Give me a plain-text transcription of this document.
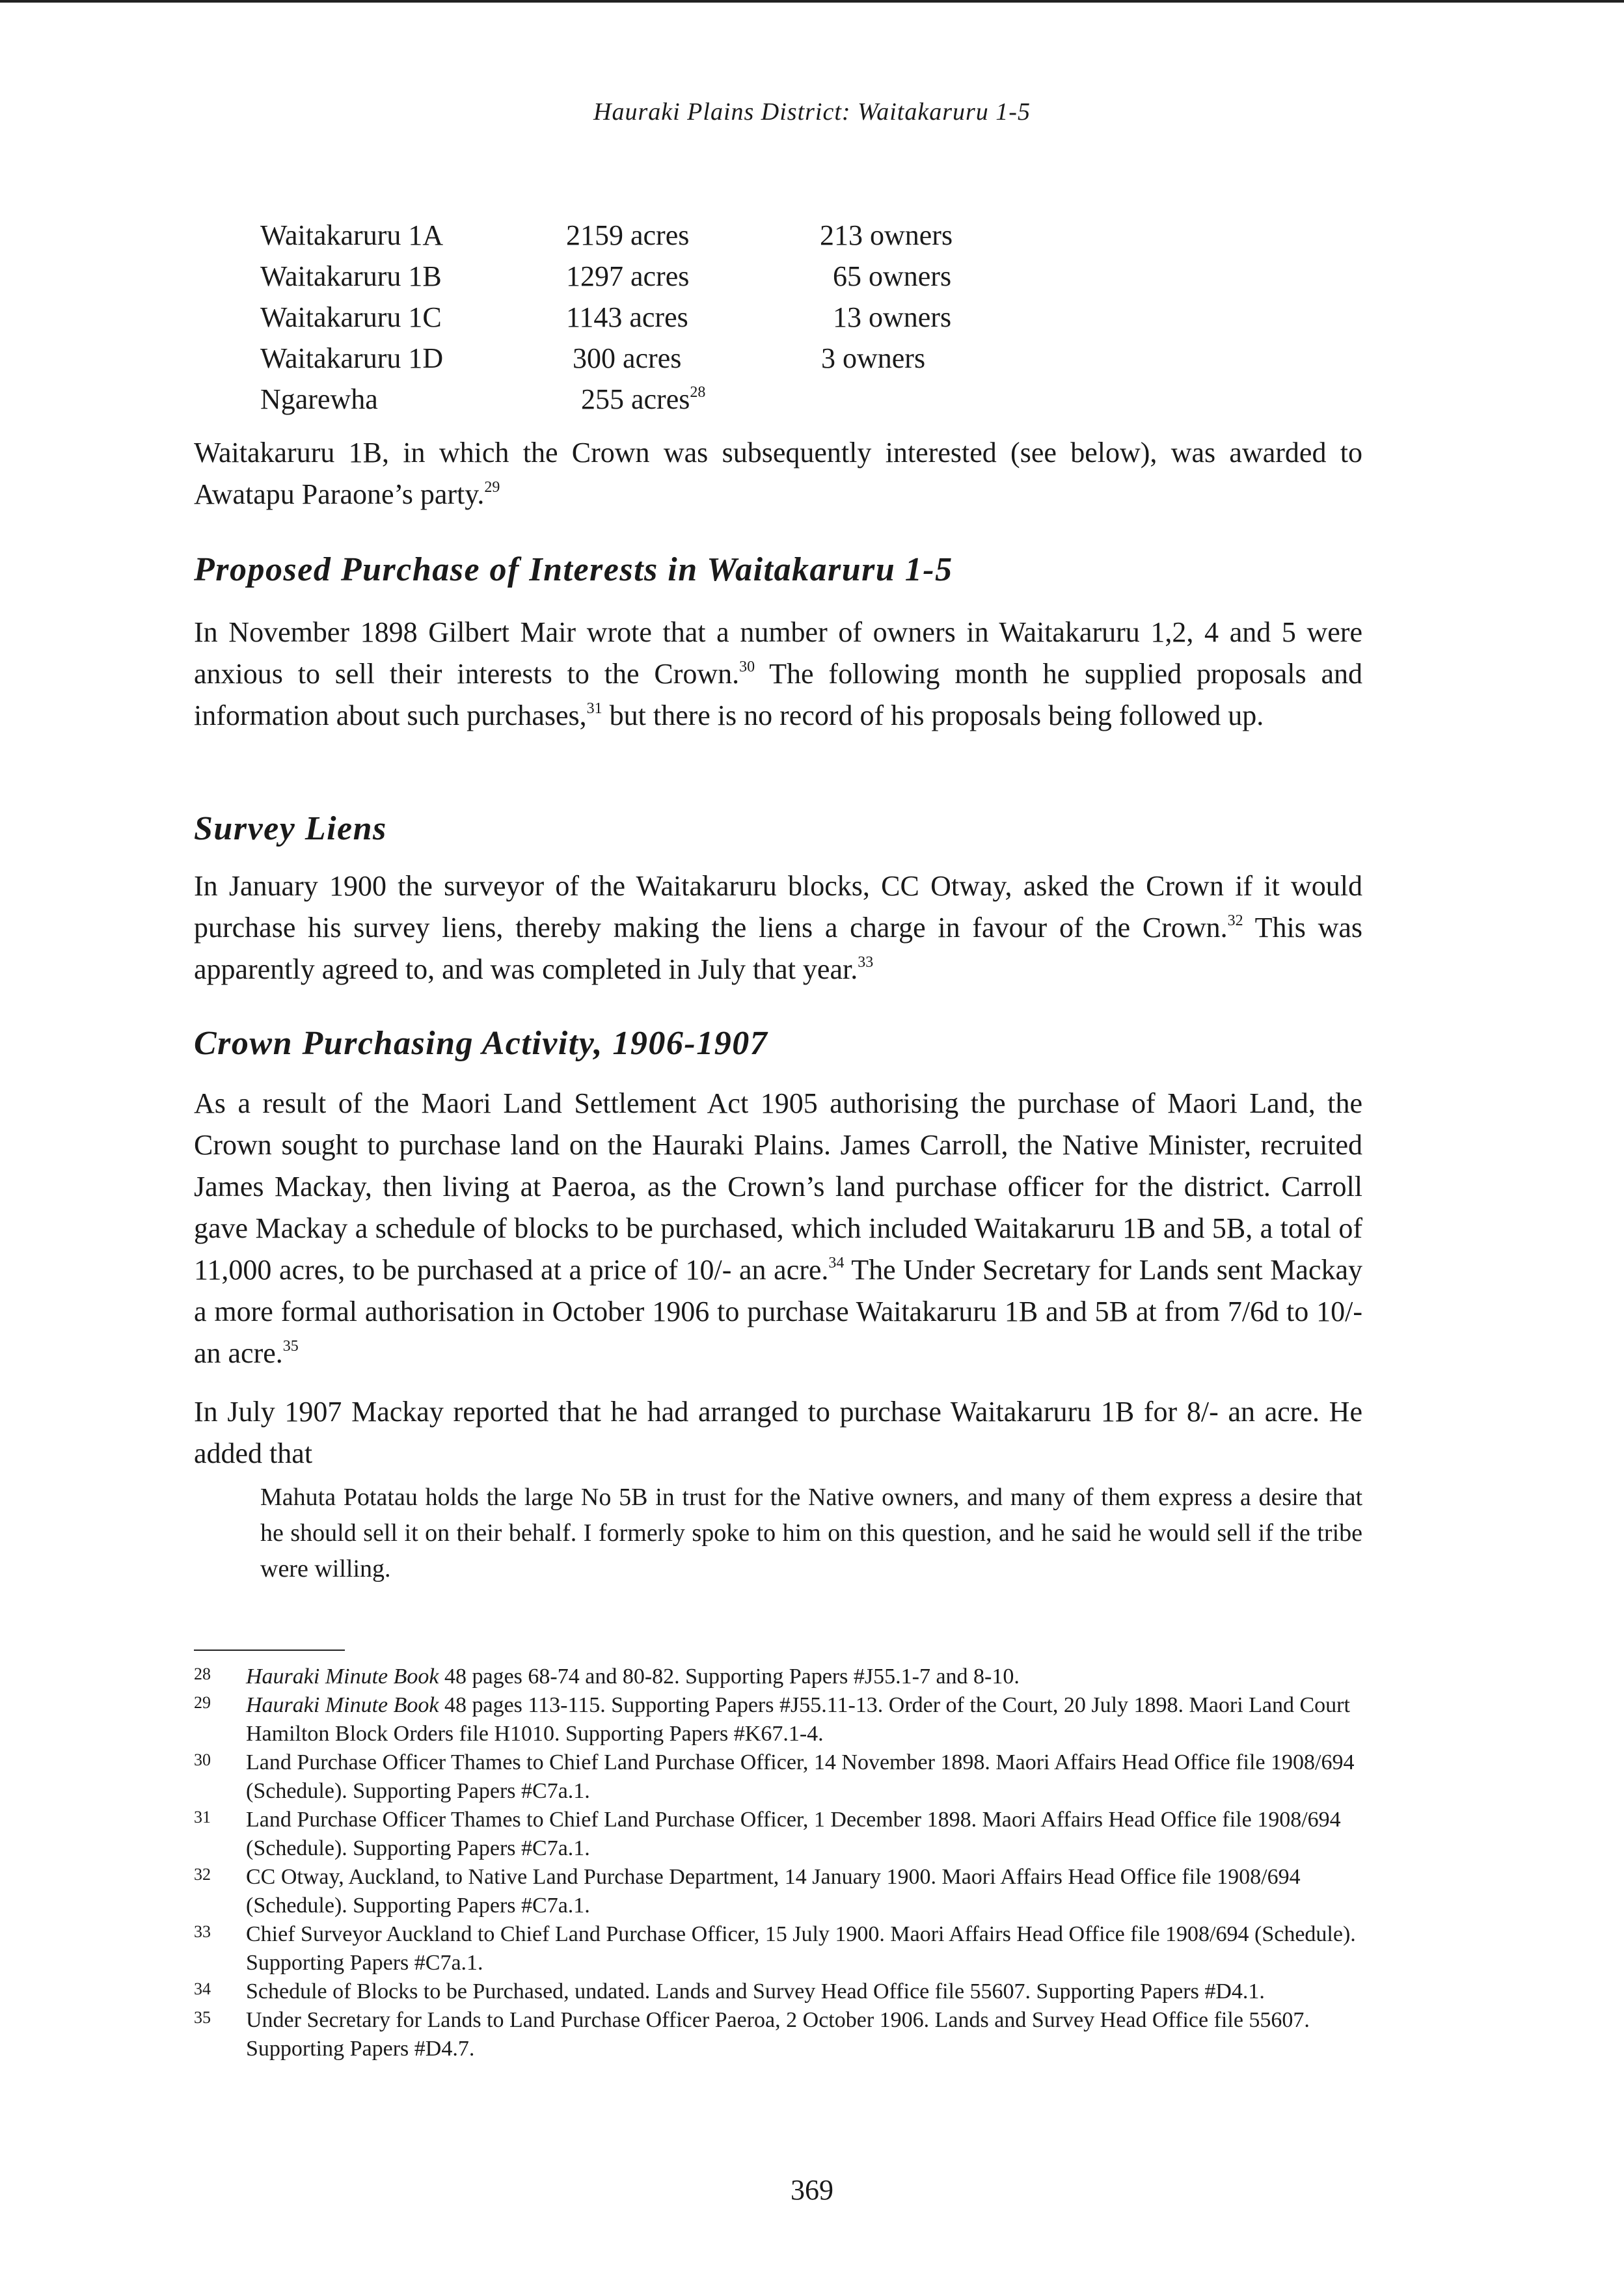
Hauraki Plains District: Waitakaruru 1-5
Waitakaruru 1A	2159 acres	213 owners
Waitakaruru 1B	1297 acres	65 owners
Waitakaruru 1C	1143 acres	13 owners
Waitakaruru 1D	300 acres	3 owners
Ngarewha	255 acres$^{28}$

Waitakaruru 1B, in which the Crown was subsequently interested (see below), was awarded to Awatapu Paraone’s party.$^{29}$

Proposed Purchase of Interests in Waitakaruru 1-5

In November 1898 Gilbert Mair wrote that a number of owners in Waitakaruru 1,2, 4 and 5 were anxious to sell their interests to the Crown.$^{30}$ The following month he supplied proposals and information about such purchases,$^{31}$ but there is no record of his proposals being followed up.

Survey Liens

In January 1900 the surveyor of the Waitakaruru blocks, CC Otway, asked the Crown if it would purchase his survey liens, thereby making the liens a charge in favour of the Crown.$^{32}$ This was apparently agreed to, and was completed in July that year.$^{33}$

Crown Purchasing Activity, 1906-1907

As a result of the Maori Land Settlement Act 1905 authorising the purchase of Maori Land, the Crown sought to purchase land on the Hauraki Plains. James Carroll, the Native Minister, recruited James Mackay, then living at Paeroa, as the Crown’s land purchase officer for the district. Carroll gave Mackay a schedule of blocks to be purchased, which included Waitakaruru 1B and 5B, a total of 11,000 acres, to be purchased at a price of 10/- an acre.$^{34}$ The Under Secretary for Lands sent Mackay a more formal authorisation in October 1906 to purchase Waitakaruru 1B and 5B at from 7/6d to 10/- an acre.$^{35}$

In July 1907 Mackay reported that he had arranged to purchase Waitakaruru 1B for 8/- an acre. He added that

Mahuta Potatau holds the large No 5B in trust for the Native owners, and many of them express a desire that he should sell it on their behalf. I formerly spoke to him on this question, and he said he would sell if the tribe were willing.

28 Hauraki Minute Book 48 pages 68-74 and 80-82. Supporting Papers #J55.1-7 and 8-10.

29 Hauraki Minute Book 48 pages 113-115. Supporting Papers #J55.11-13. Order of the Court, 20 July 1898. Maori Land Court Hamilton Block Orders file H1010. Supporting Papers #K67.1-4.

30 Land Purchase Officer Thames to Chief Land Purchase Officer, 14 November 1898. Maori Affairs Head Office file 1908/694 (Schedule). Supporting Papers #C7a.1.

31 Land Purchase Officer Thames to Chief Land Purchase Officer, 1 December 1898. Maori Affairs Head Office file 1908/694 (Schedule). Supporting Papers #C7a.1.

32 CC Otway, Auckland, to Native Land Purchase Department, 14 January 1900. Maori Affairs Head Office file 1908/694 (Schedule). Supporting Papers #C7a.1.

33 Chief Surveyor Auckland to Chief Land Purchase Officer, 15 July 1900. Maori Affairs Head Office file 1908/694 (Schedule). Supporting Papers #C7a.1.

34 Schedule of Blocks to be Purchased, undated. Lands and Survey Head Office file 55607. Supporting Papers #D4.1.

35 Under Secretary for Lands to Land Purchase Officer Paeroa, 2 October 1906. Lands and Survey Head Office file 55607. Supporting Papers #D4.7.

369
